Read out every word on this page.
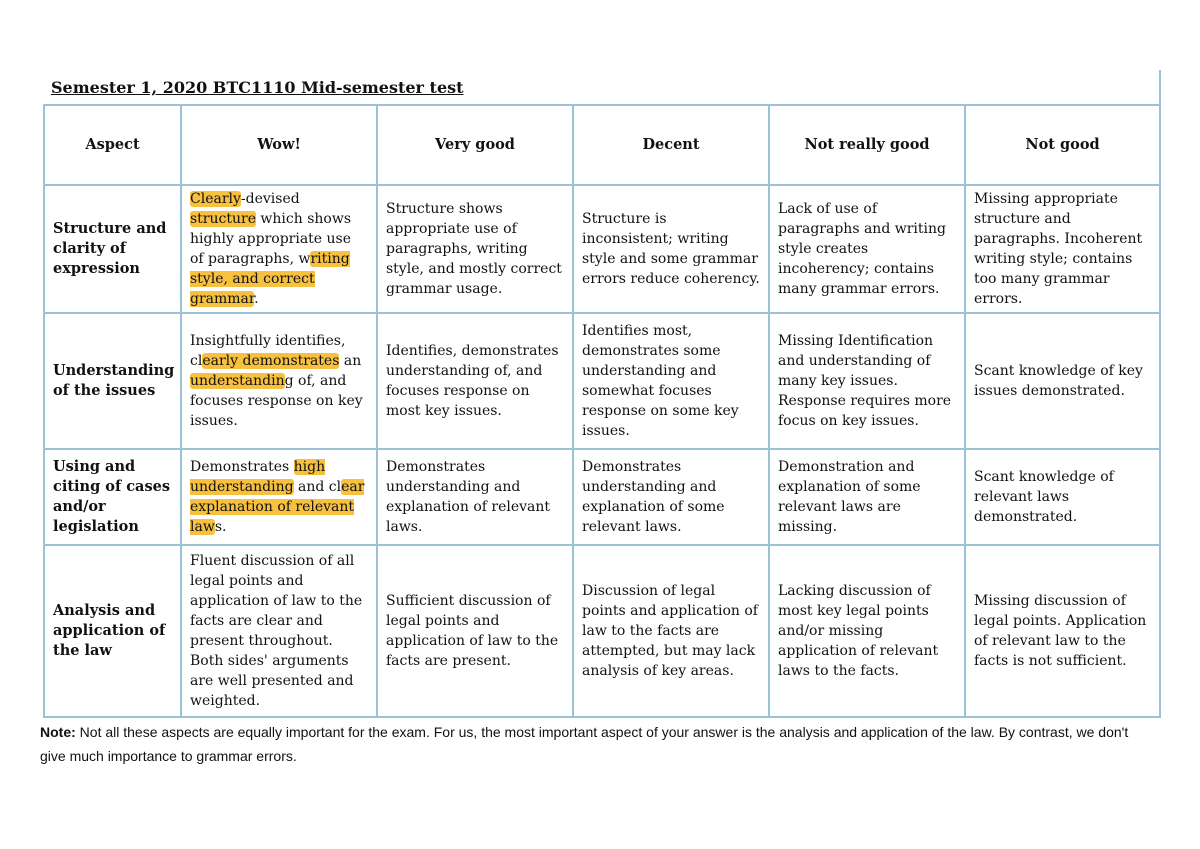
Semester 1, 2020 BTC1110 Mid-semester test
Aspect	Wow!	Very good	Decent	Not really good	Not good
Structure and clarity of expression	Clearly-devised structure which shows highly appropriate use of paragraphs, writing style, and correct grammar.	Structure shows appropriate use of paragraphs, writing style, and mostly correct grammar usage.	Structure is inconsistent; writing style and some grammar errors reduce coherency.	Lack of use of paragraphs and writing style creates incoherency; contains many grammar errors.	Missing appropriate structure and paragraphs. Incoherent writing style; contains too many grammar errors.
Understanding of the issues	Insightfully identifies, clearly demonstrates an understanding of, and focuses response on key issues.	Identifies, demonstrates understanding of, and focuses response on most key issues.	Identifies most, demonstrates some understanding and somewhat focuses response on some key issues.	Missing Identification and understanding of many key issues. Response requires more focus on key issues.	Scant knowledge of key issues demonstrated.
Using and citing of cases and/or legislation	Demonstrates high understanding and clear explanation of relevant laws.	Demonstrates understanding and explanation of relevant laws.	Demonstrates understanding and explanation of some relevant laws.	Demonstration and explanation of some relevant laws are missing.	Scant knowledge of relevant laws demonstrated.
Analysis and application of the law	Fluent discussion of all legal points and application of law to the facts are clear and present throughout. Both sides' arguments are well presented and weighted.	Sufficient discussion of legal points and application of law to the facts are present.	Discussion of legal points and application of law to the facts are attempted, but may lack analysis of key areas.	Lacking discussion of most key legal points and/or missing application of relevant laws to the facts.	Missing discussion of legal points. Application of relevant law to the facts is not sufficient.
Note: Not all these aspects are equally important for the exam. For us, the most important aspect of your answer is the analysis and application of the law. By contrast, we don't give much importance to grammar errors.
